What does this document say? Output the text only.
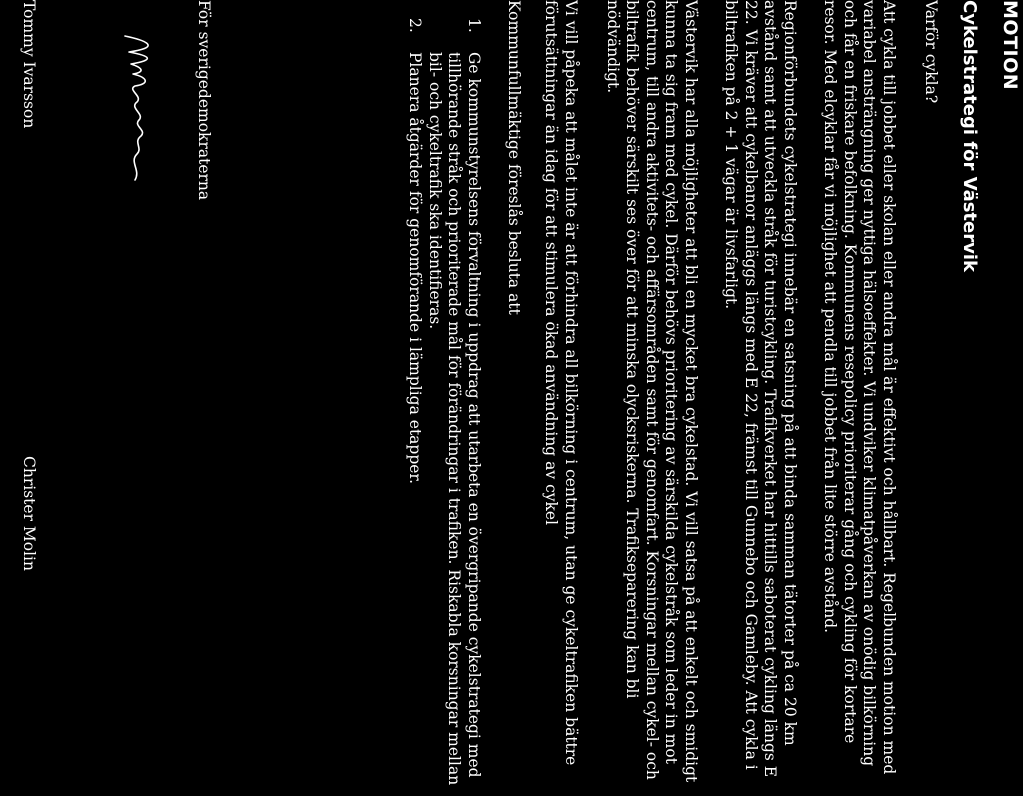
MOTION
Cykelstrategi för Västervik

Varför cykla?

Att cykla till jobbet eller skolan eller andra mål är effektivt och hållbart. Regelbunden motion med variabel ansträngning ger nyttiga hälsoeffekter. Vi undviker klimatpåverkan av onödig bilkörning och får en friskare befolkning. Kommunens resepolicy prioriterar gång och cykling för kortare resor. Med elcyklar får vi möjlighet att pendla till jobbet från lite större avstånd.

Regionförbundets cykelstrategi innebär en satsning på att binda samman tätorter på ca 20 km avstånd samt att utveckla stråk för turistcykling. Trafikverket har hittills saboterat cykling längs E 22. Vi kräver att cykelbanor anläggs längs med E 22, främst till Gunnebo och Gamleby. Att cykla i biltrafiken på 2 + 1 vägar är livsfarligt.

Västervik har alla möjligheter att bli en mycket bra cykelstad. Vi vill satsa på att enkelt och smidigt kunna ta sig fram med cykel. Därför behövs prioritering av särskilda cykelstråk som leder in mot centrum, till andra aktivitets- och affärsområden samt för genomfart. Korsningar mellan cykel- och biltrafik behöver särskilt ses över för att minska olycksriskerna. Trafikseparering kan bli nödvändigt.

Vi vill påpeka att målet inte är att förhindra all bilkörning i centrum, utan ge cykeltrafiken bättre förutsättningar än idag för att stimulera ökad användning av cykel

Kommunfullmäktige föreslås besluta att

1.
Ge kommunstyrelsens förvaltning i uppdrag att utarbeta en övergripande cykelstrategi med tillhörande stråk och prioriterade mål för förändringar i trafiken. Riskabla korsningar mellan bil- och cykeltrafik ska identifieras.
2.
Planera åtgärder för genomförande i lämpliga etapper.

För sverigedemokraterna

Tommy Ivarsson

Christer Molin
